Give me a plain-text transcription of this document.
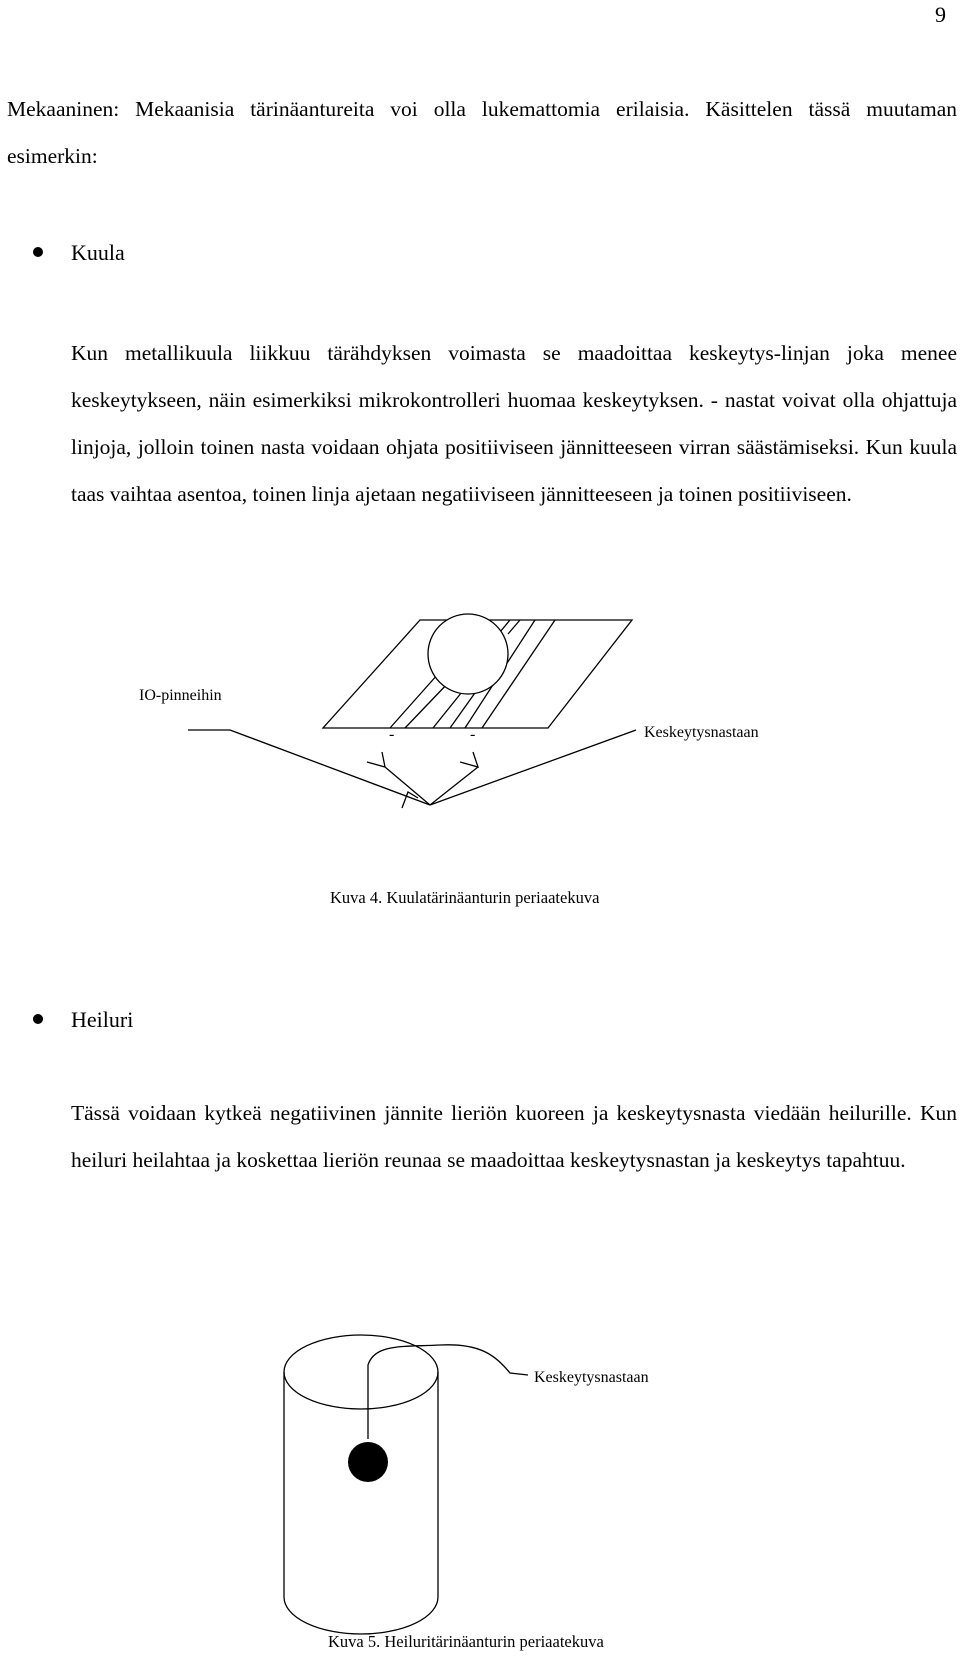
9

Mekaaninen: Mekaanisia tärinäantureita voi olla lukemattomia erilaisia. Käsittelen tässä muutaman esimerkin:

Kuula

Kun metallikuula liikkuu tärähdyksen voimasta se maadoittaa keskeytys-linjan joka menee keskeytykseen, näin esimerkiksi mikrokontrolleri huomaa keskeytyksen. - nastat voivat olla ohjattuja linjoja, jolloin toinen nasta voidaan ohjata positiiviseen jännitteeseen virran säästämiseksi. Kun kuula taas vaihtaa asentoa, toinen linja ajetaan negatiiviseen jännitteeseen ja toinen positiiviseen.

IO-pinneihin
Keskeytysnastaan
-	-
Kuva 4. Kuulatärinäanturin periaatekuva
Heiluri

Tässä voidaan kytkeä negatiivinen jännite lieriön kuoreen ja keskeytysnasta viedään heilurille. Kun heiluri heilahtaa ja koskettaa lieriön reunaa se maadoittaa keskeytysnastan ja keskeytys tapahtuu.

Keskeytysnastaan
Kuva 5. Heiluritärinäanturin periaatekuva
